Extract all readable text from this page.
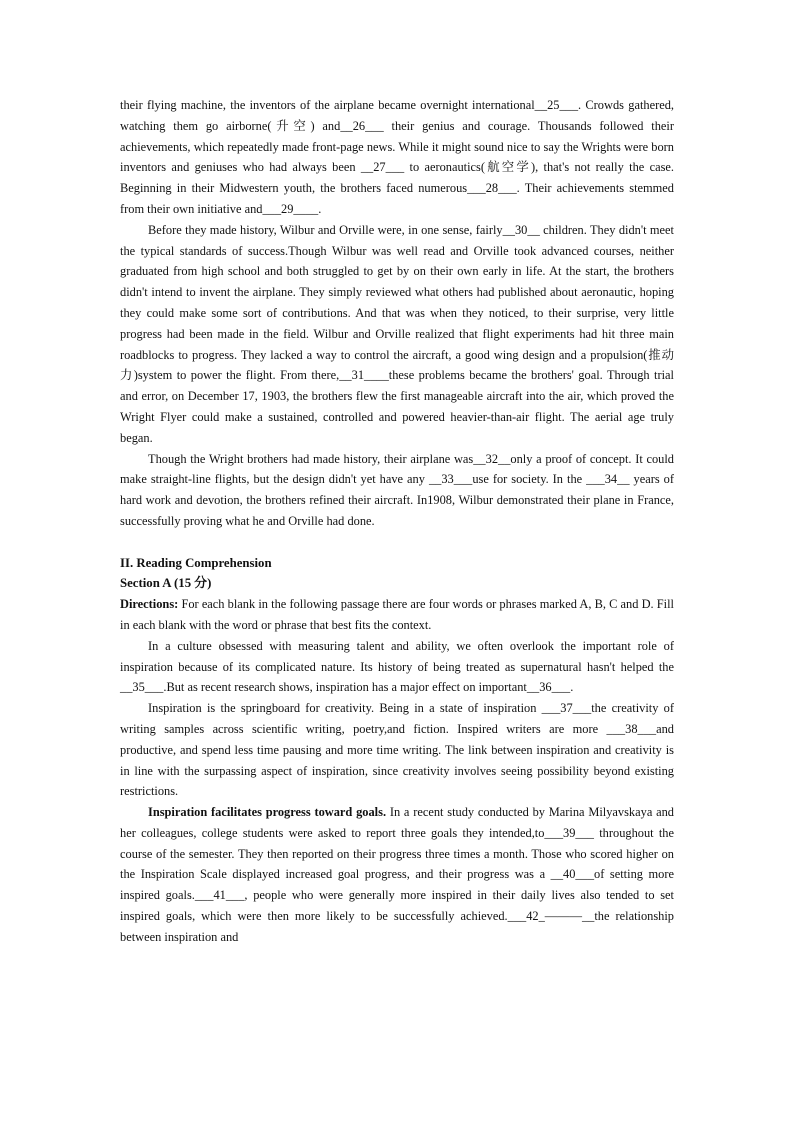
their flying machine, the inventors of the airplane became overnight international__25___. Crowds gathered, watching them go airborne(升空) and__26___ their genius and courage. Thousands followed their achievements, which repeatedly made front-page news. While it might sound nice to say the Wrights were born inventors and geniuses who had always been __27___ to aeronautics(航空学), that's not really the case. Beginning in their Midwestern youth, the brothers faced numerous___28___. Their achievements stemmed from their own initiative and___29____.

Before they made history, Wilbur and Orville were, in one sense, fairly__30__ children. They didn't meet the typical standards of success.Though Wilbur was well read and Orville took advanced courses, neither graduated from high school and both struggled to get by on their own early in life. At the start, the brothers didn't intend to invent the airplane. They simply reviewed what others had published about aeronautic, hoping they could make some sort of contributions. And that was when they noticed, to their surprise, very little progress had been made in the field. Wilbur and Orville realized that flight experiments had hit three main roadblocks to progress. They lacked a way to control the aircraft, a good wing design and a propulsion(推动力)system to power the flight. From there,__31____these problems became the brothers' goal. Through trial and error, on December 17, 1903, the brothers flew the first manageable aircraft into the air, which proved the Wright Flyer could make a sustained, controlled and powered heavier-than-air flight. The aerial age truly began.

Though the Wright brothers had made history, their airplane was__32__only a proof of concept. It could make straight-line flights, but the design didn't yet have any __33___use for society. In the ___34__ years of hard work and devotion, the brothers refined their aircraft. In1908, Wilbur demonstrated their plane in France, successfully proving what he and Orville had done.

II. Reading Comprehension

Section A (15 分)

Directions: For each blank in the following passage there are four words or phrases marked A, B, C and D. Fill in each blank with the word or phrase that best fits the context.

In a culture obsessed with measuring talent and ability, we often overlook the important role of inspiration because of its complicated nature. Its history of being treated as supernatural hasn't helped the __35___.But as recent research shows, inspiration has a major effect on important__36___.

Inspiration is the springboard for creativity. Being in a state of inspiration ___37___the creativity of writing samples across scientific writing, poetry,and fiction. Inspired writers are more ___38___and productive, and spend less time pausing and more time writing. The link between inspiration and creativity is in line with the surpassing aspect of inspiration, since creativity involves seeing possibility beyond existing restrictions.

Inspiration facilitates progress toward goals. In a recent study conducted by Marina Milyavskaya and her colleagues, college students were asked to report three goals they intended,to___39___ throughout the course of the semester. They then reported on their progress three times a month. Those who scored higher on the Inspiration Scale displayed increased goal progress, and their progress was a __40___of setting more inspired goals.___41___, people who were generally more inspired in their daily lives also tended to set inspired goals, which were then more likely to be successfully achieved.___42_———__the relationship between inspiration and
